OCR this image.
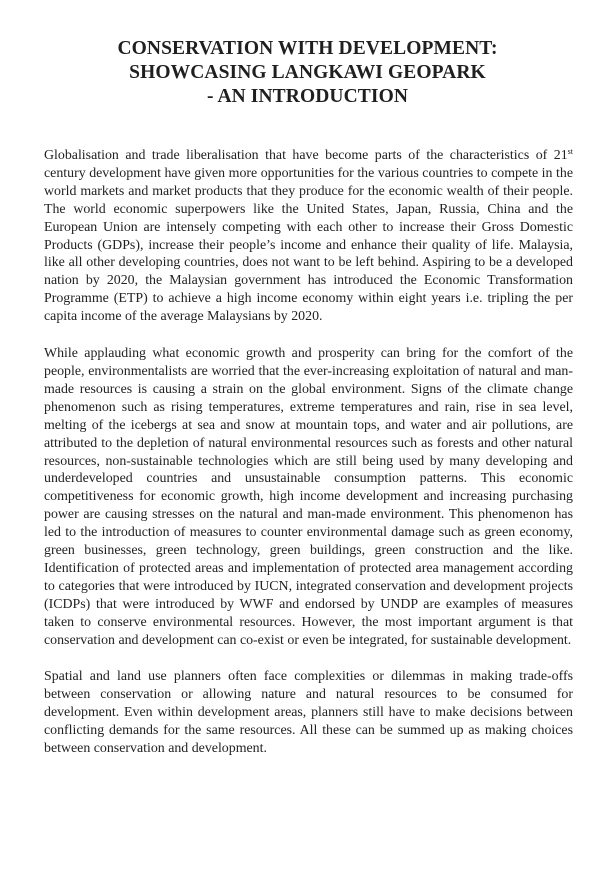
CONSERVATION WITH DEVELOPMENT:
SHOWCASING LANGKAWI GEOPARK
- AN INTRODUCTION

Globalisation and trade liberalisation that have become parts of the characteristics of 21st century development have given more opportunities for the various countries to compete in the world markets and market products that they produce for the economic wealth of their people. The world economic superpowers like the United States, Japan, Russia, China and the European Union are intensely competing with each other to increase their Gross Domestic Products (GDPs), increase their people’s income and enhance their quality of life. Malaysia, like all other developing countries, does not want to be left behind. Aspiring to be a developed nation by 2020, the Malaysian government has introduced the Economic Transformation Programme (ETP) to achieve a high income economy within eight years i.e. tripling the per capita income of the average Malaysians by 2020.

While applauding what economic growth and prosperity can bring for the comfort of the people, environmentalists are worried that the ever-increasing exploitation of natural and man-made resources is causing a strain on the global environment. Signs of the climate change phenomenon such as rising temperatures, extreme temperatures and rain, rise in sea level, melting of the icebergs at sea and snow at mountain tops, and water and air pollutions, are attributed to the depletion of natural environmental resources such as forests and other natural resources, non-sustainable technologies which are still being used by many developing and underdeveloped countries and unsustainable consumption patterns. This economic competitiveness for economic growth, high income development and increasing purchasing power are causing stresses on the natural and man-made environment. This phenomenon has led to the introduction of measures to counter environmental damage such as green economy, green businesses, green technology, green buildings, green construction and the like. Identification of protected areas and implementation of protected area management according to categories that were introduced by IUCN, integrated conservation and development projects (ICDPs) that were introduced by WWF and endorsed by UNDP are examples of measures taken to conserve environmental resources. However, the most important argument is that conservation and development can co-exist or even be integrated, for sustainable development.

Spatial and land use planners often face complexities or dilemmas in making trade-offs between conservation or allowing nature and natural resources to be consumed for development. Even within development areas, planners still have to make decisions between conflicting demands for the same resources. All these can be summed up as making choices between conservation and development.
